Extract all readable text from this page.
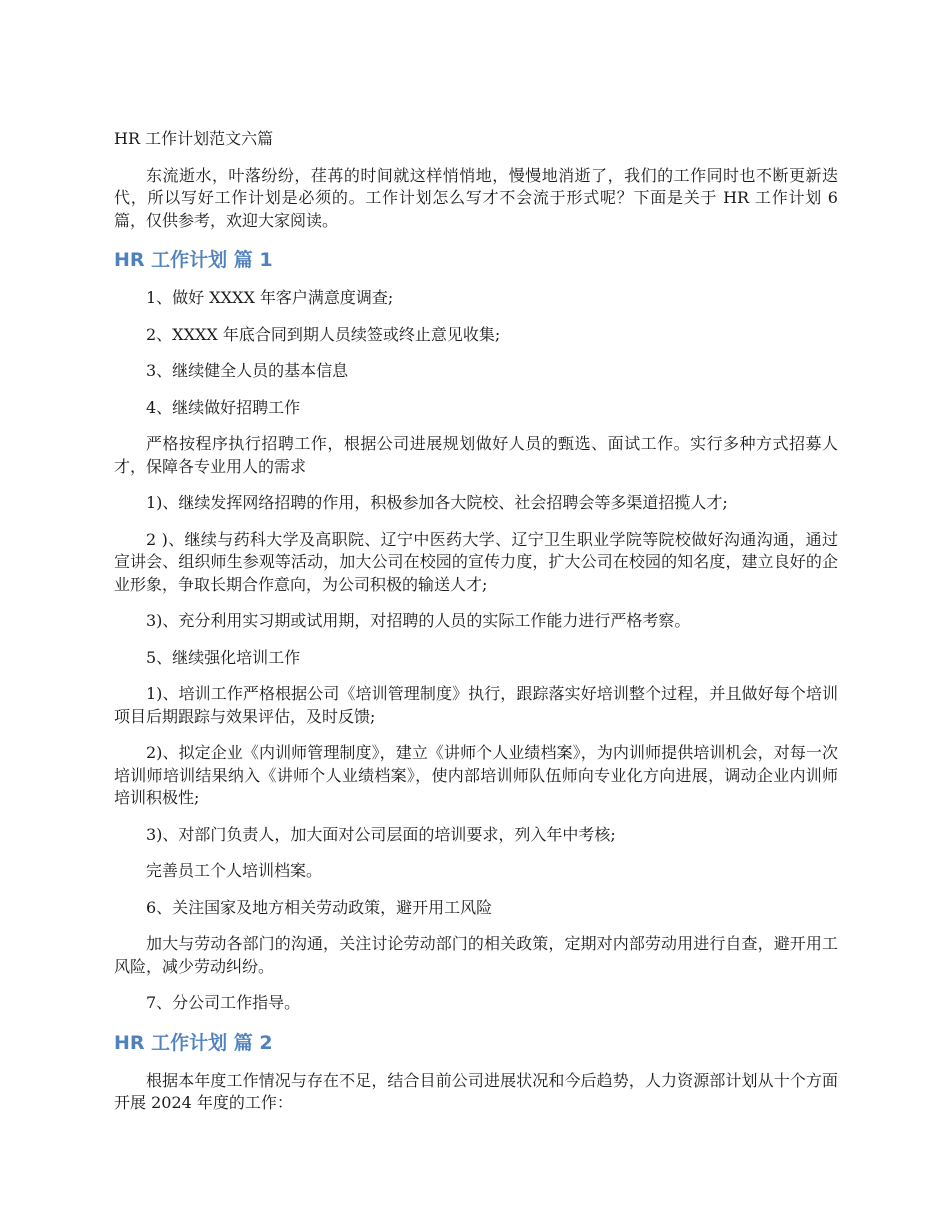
HR 工作计划范文六篇

东流逝水，叶落纷纷，荏苒的时间就这样悄悄地，慢慢地消逝了，我们的工作同时也不断更新迭代，所以写好工作计划是必须的。工作计划怎么写才不会流于形式呢？下面是关于 HR 工作计划 6 篇，仅供参考，欢迎大家阅读。

HR 工作计划 篇 1

1、做好 XXXX 年客户满意度调查;

2、XXXX 年底合同到期人员续签或终止意见收集;

3、继续健全人员的基本信息

4、继续做好招聘工作

严格按程序执行招聘工作，根据公司进展规划做好人员的甄选、面试工作。实行多种方式招募人才，保障各专业用人的需求

1)、继续发挥网络招聘的作用，积极参加各大院校、社会招聘会等多渠道招揽人才;

2 )、继续与药科大学及高职院、辽宁中医药大学、辽宁卫生职业学院等院校做好沟通沟通，通过宣讲会、组织师生参观等活动，加大公司在校园的宣传力度，扩大公司在校园的知名度，建立良好的企业形象，争取长期合作意向，为公司积极的输送人才;

3)、充分利用实习期或试用期，对招聘的人员的实际工作能力进行严格考察。

5、继续强化培训工作

1)、培训工作严格根据公司《培训管理制度》执行，跟踪落实好培训整个过程，并且做好每个培训项目后期跟踪与效果评估，及时反馈;

2)、拟定企业《内训师管理制度》，建立《讲师个人业绩档案》，为内训师提供培训机会，对每一次培训师培训结果纳入《讲师个人业绩档案》，使内部培训师队伍师向专业化方向进展，调动企业内训师培训积极性;

3)、对部门负责人，加大面对公司层面的培训要求，列入年中考核;

完善员工个人培训档案。

6、关注国家及地方相关劳动政策，避开用工风险

加大与劳动各部门的沟通，关注讨论劳动部门的相关政策，定期对内部劳动用进行自查，避开用工风险，减少劳动纠纷。

7、分公司工作指导。

HR 工作计划 篇 2

根据本年度工作情况与存在不足，结合目前公司进展状况和今后趋势，人力资源部计划从十个方面开展 2024 年度的工作：
